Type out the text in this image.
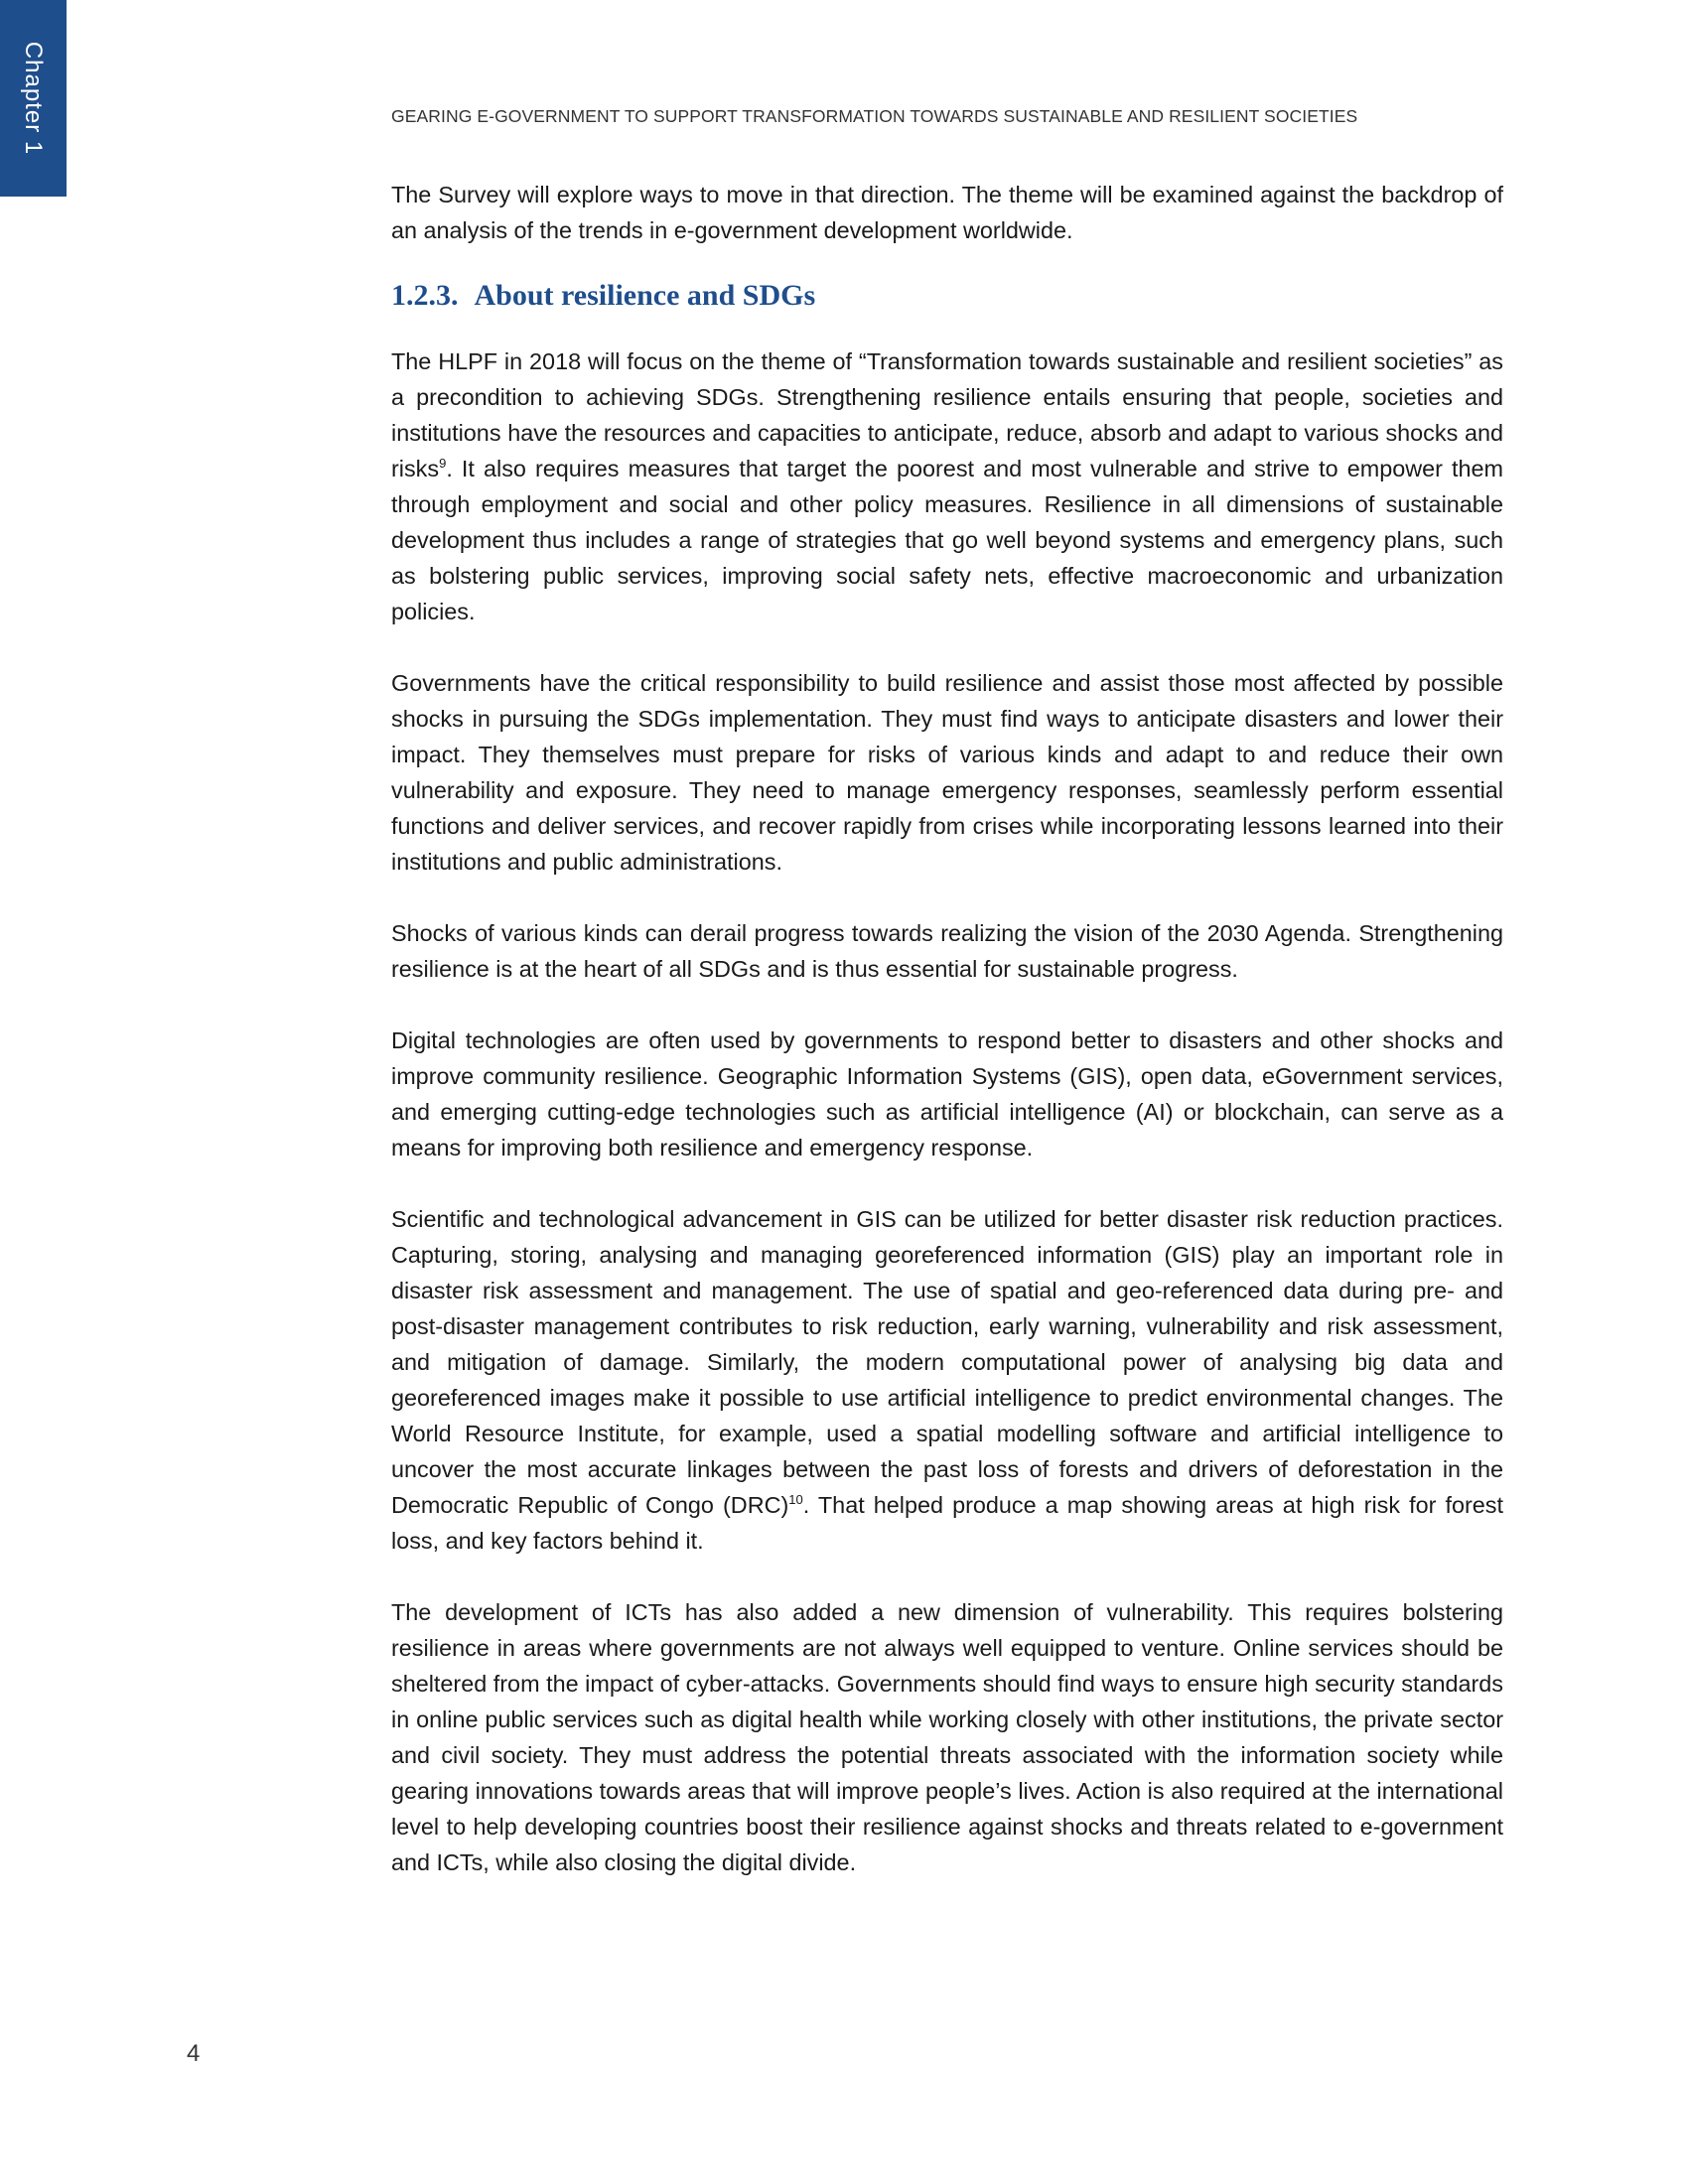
Chapter 1	GEARING E-GOVERNMENT TO SUPPORT TRANSFORMATION TOWARDS SUSTAINABLE AND RESILIENT SOCIETIES

The Survey will explore ways to move in that direction. The theme will be examined against the backdrop of an analysis of the trends in e-government development worldwide.

1.2.3. About resilience and SDGs

The HLPF in 2018 will focus on the theme of “Transformation towards sustainable and resilient societies” as a precondition to achieving SDGs. Strengthening resilience entails ensuring that people, societies and institutions have the resources and capacities to anticipate, reduce, absorb and adapt to various shocks and risks$^9$. It also requires measures that target the poorest and most vulnerable and strive to empower them through employment and social and other policy measures. Resilience in all dimensions of sustainable development thus includes a range of strategies that go well beyond systems and emergency plans, such as bolstering public services, improving social safety nets, effective macroeconomic and urbanization policies.

Governments have the critical responsibility to build resilience and assist those most affected by possible shocks in pursuing the SDGs implementation. They must find ways to anticipate disasters and lower their impact. They themselves must prepare for risks of various kinds and adapt to and reduce their own vulnerability and exposure. They need to manage emergency responses, seamlessly perform essential functions and deliver services, and recover rapidly from crises while incorporating lessons learned into their institutions and public administrations.

Shocks of various kinds can derail progress towards realizing the vision of the 2030 Agenda. Strengthening resilience is at the heart of all SDGs and is thus essential for sustainable progress.

Digital technologies are often used by governments to respond better to disasters and other shocks and improve community resilience. Geographic Information Systems (GIS), open data, eGovernment services, and emerging cutting-edge technologies such as artificial intelligence (AI) or blockchain, can serve as a means for improving both resilience and emergency response.

Scientific and technological advancement in GIS can be utilized for better disaster risk reduction practices. Capturing, storing, analysing and managing georeferenced information (GIS) play an important role in disaster risk assessment and management. The use of spatial and geo-referenced data during pre- and post-disaster management contributes to risk reduction, early warning, vulnerability and risk assessment, and mitigation of damage. Similarly, the modern computational power of analysing big data and georeferenced images make it possible to use artificial intelligence to predict environmental changes. The World Resource Institute, for example, used a spatial modelling software and artificial intelligence to uncover the most accurate linkages between the past loss of forests and drivers of deforestation in the Democratic Republic of Congo (DRC)$^{10}$. That helped produce a map showing areas at high risk for forest loss, and key factors behind it.

The development of ICTs has also added a new dimension of vulnerability. This requires bolstering resilience in areas where governments are not always well equipped to venture. Online services should be sheltered from the impact of cyber-attacks. Governments should find ways to ensure high security standards in online public services such as digital health while working closely with other institutions, the private sector and civil society. They must address the potential threats associated with the information society while gearing innovations towards areas that will improve people’s lives. Action is also required at the international level to help developing countries boost their resilience against shocks and threats related to e-government and ICTs, while also closing the digital divide.

4
